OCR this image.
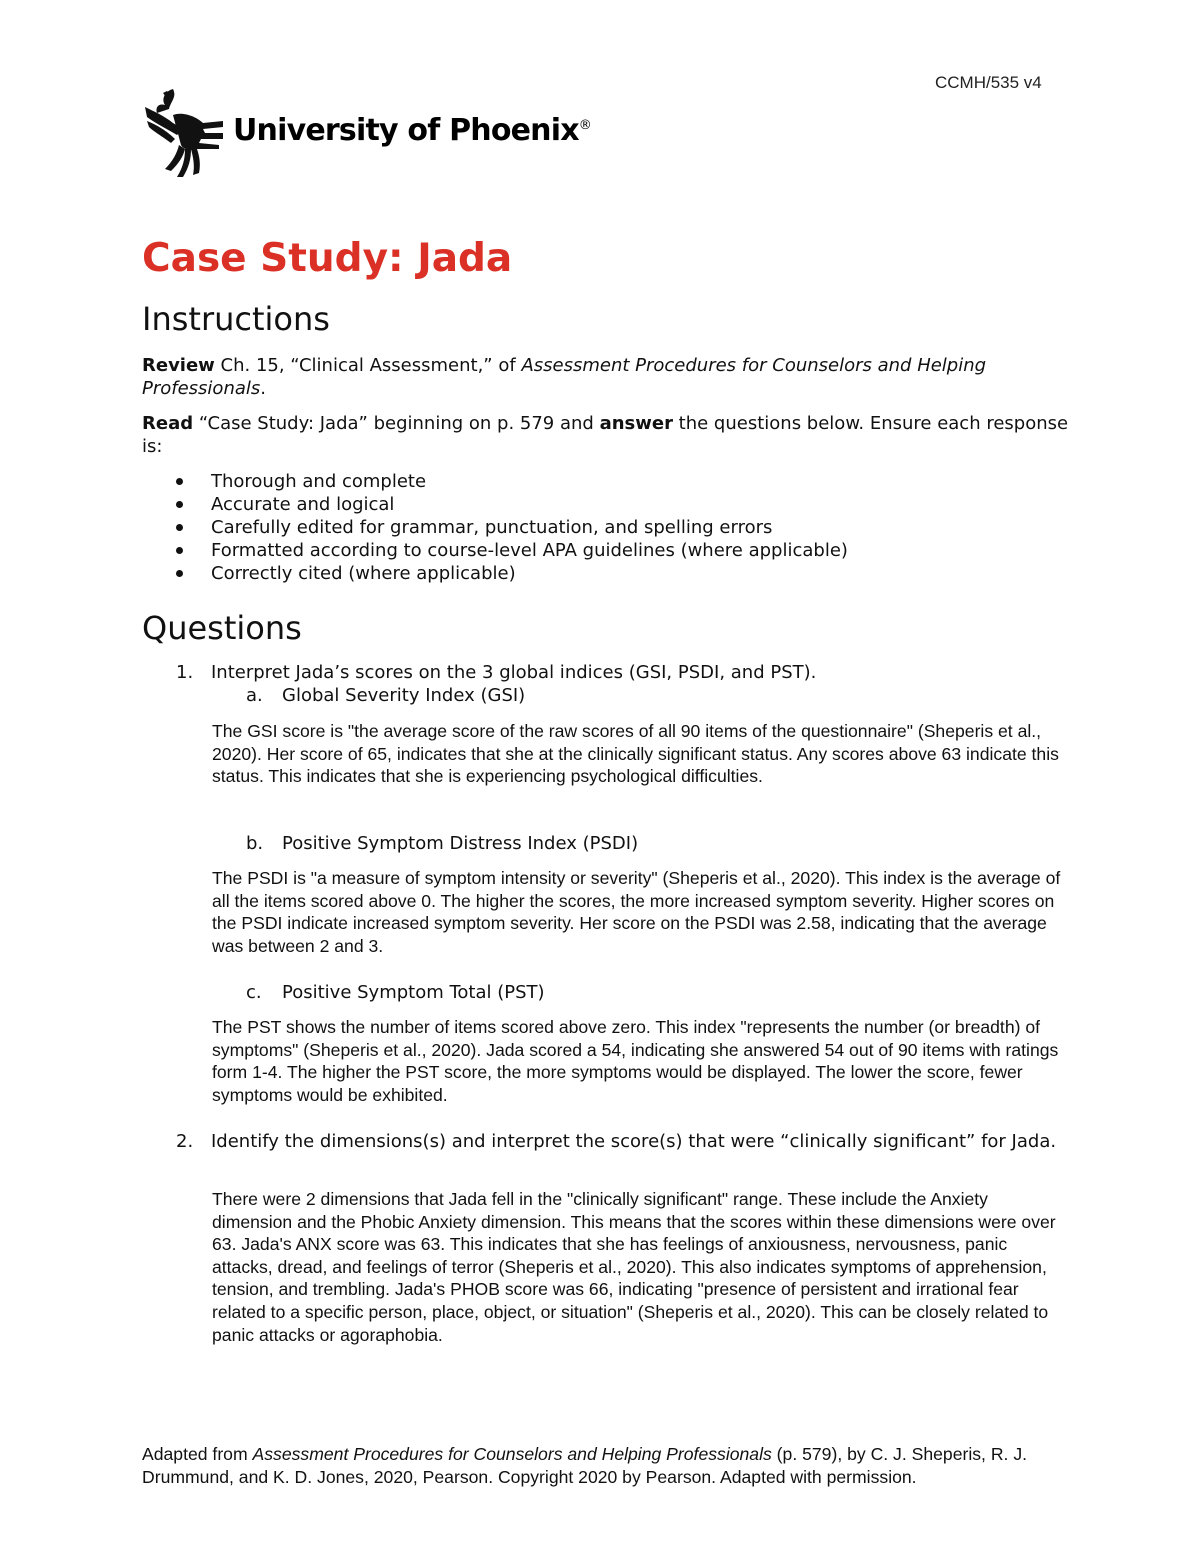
CCMH/535 v4
University of Phoenix®
Case Study: Jada
Instructions
Review Ch. 15, “Clinical Assessment,” of Assessment Procedures for Counselors and Helping Professionals.
Read “Case Study: Jada” beginning on p. 579 and answer the questions below. Ensure each response is:
Thorough and complete
Accurate and logical
Carefully edited for grammar, punctuation, and spelling errors
Formatted according to course-level APA guidelines (where applicable)
Correctly cited (where applicable)
Questions
1. Interpret Jada’s scores on the 3 global indices (GSI, PSDI, and PST).
a. Global Severity Index (GSI)
The GSI score is "the average score of the raw scores of all 90 items of the questionnaire" (Sheperis et al., 2020). Her score of 65, indicates that she at the clinically significant status. Any scores above 63 indicate this status. This indicates that she is experiencing psychological difficulties.
b. Positive Symptom Distress Index (PSDI)
The PSDI is "a measure of symptom intensity or severity" (Sheperis et al., 2020). This index is the average of all the items scored above 0. The higher the scores, the more increased symptom severity. Higher scores on the PSDI indicate increased symptom severity. Her score on the PSDI was 2.58, indicating that the average was between 2 and 3.
c. Positive Symptom Total (PST)
The PST shows the number of items scored above zero. This index "represents the number (or breadth) of symptoms" (Sheperis et al., 2020). Jada scored a 54, indicating she answered 54 out of 90 items with ratings form 1-4. The higher the PST score, the more symptoms would be displayed. The lower the score, fewer symptoms would be exhibited.
2. Identify the dimensions(s) and interpret the score(s) that were “clinically significant” for Jada.
There were 2 dimensions that Jada fell in the "clinically significant" range. These include the Anxiety dimension and the Phobic Anxiety dimension. This means that the scores within these dimensions were over 63. Jada's ANX score was 63. This indicates that she has feelings of anxiousness, nervousness, panic attacks, dread, and feelings of terror (Sheperis et al., 2020). This also indicates symptoms of apprehension, tension, and trembling. Jada's PHOB score was 66, indicating "presence of persistent and irrational fear related to a specific person, place, object, or situation" (Sheperis et al., 2020). This can be closely related to panic attacks or agoraphobia.
Adapted from Assessment Procedures for Counselors and Helping Professionals (p. 579), by C. J. Sheperis, R. J. Drummund, and K. D. Jones, 2020, Pearson. Copyright 2020 by Pearson. Adapted with permission.
